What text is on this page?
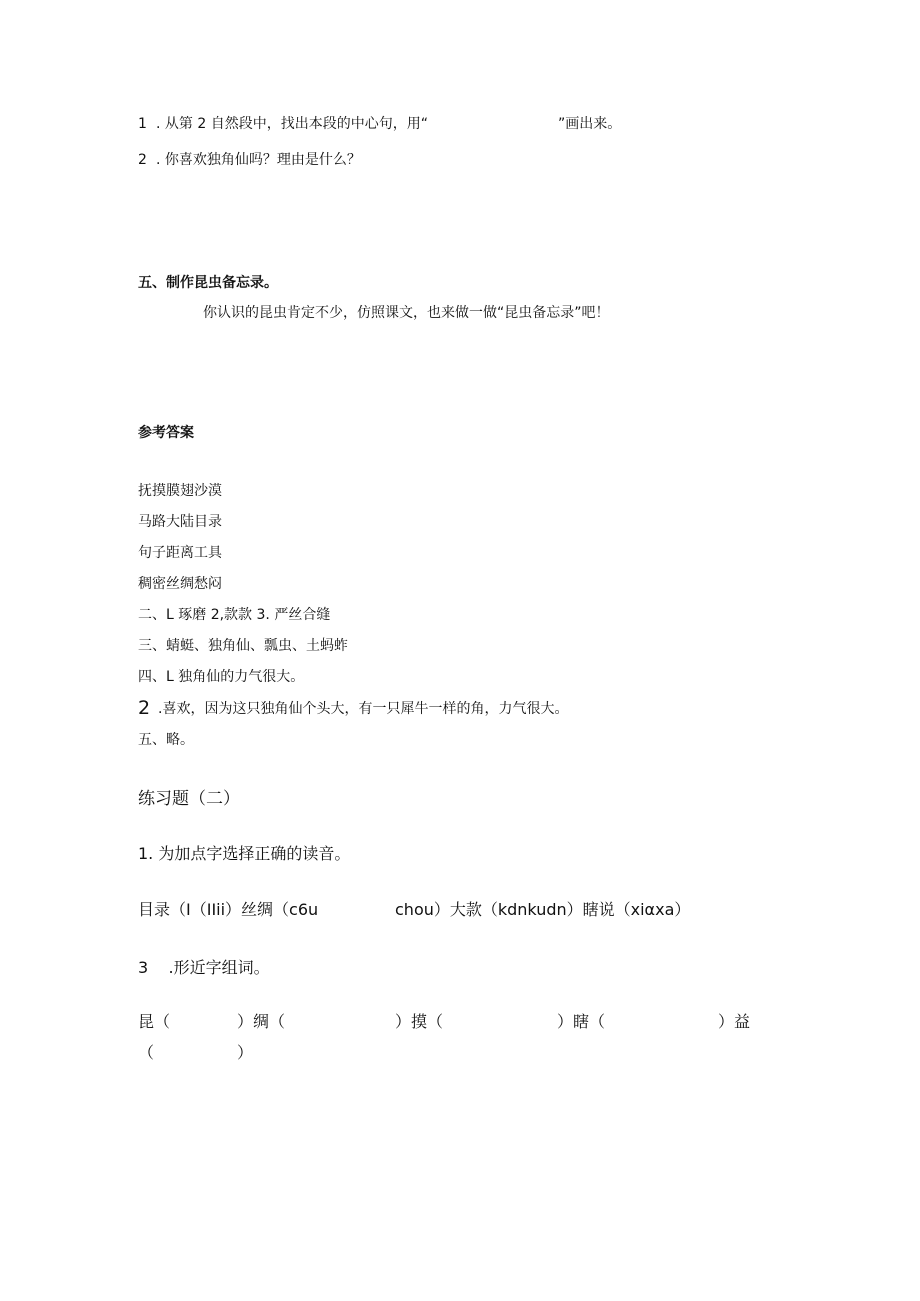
1 . 从第 2 自然段中，找出本段的中心句，用“	”画出来。
2 . 你喜欢独角仙吗？理由是什么？
五、制作昆虫备忘录。
你认识的昆虫肯定不少，仿照课文，也来做一做“昆虫备忘录”吧！
参考答案
抚摸膜翅沙漠
马路大陆目录
句子距离工具
稠密丝绸愁闷
二、L 琢磨 2,款款 3. 严丝合缝
三、蜻蜓、独角仙、瓢虫、土蚂蚱
四、L 独角仙的力气很大。
2 .喜欢，因为这只独角仙个头大，有一只犀牛一样的角，力气很大。
五、略。
练习题（二）
1. 为加点字选择正确的读音。
目录（I（IIii）丝绸（c6u	chou）大款（kdnkudn）瞎说（xiαxa）
3    .形近字组词。
昆（	）绸（	）摸（	）瞎（	）益
（	）
